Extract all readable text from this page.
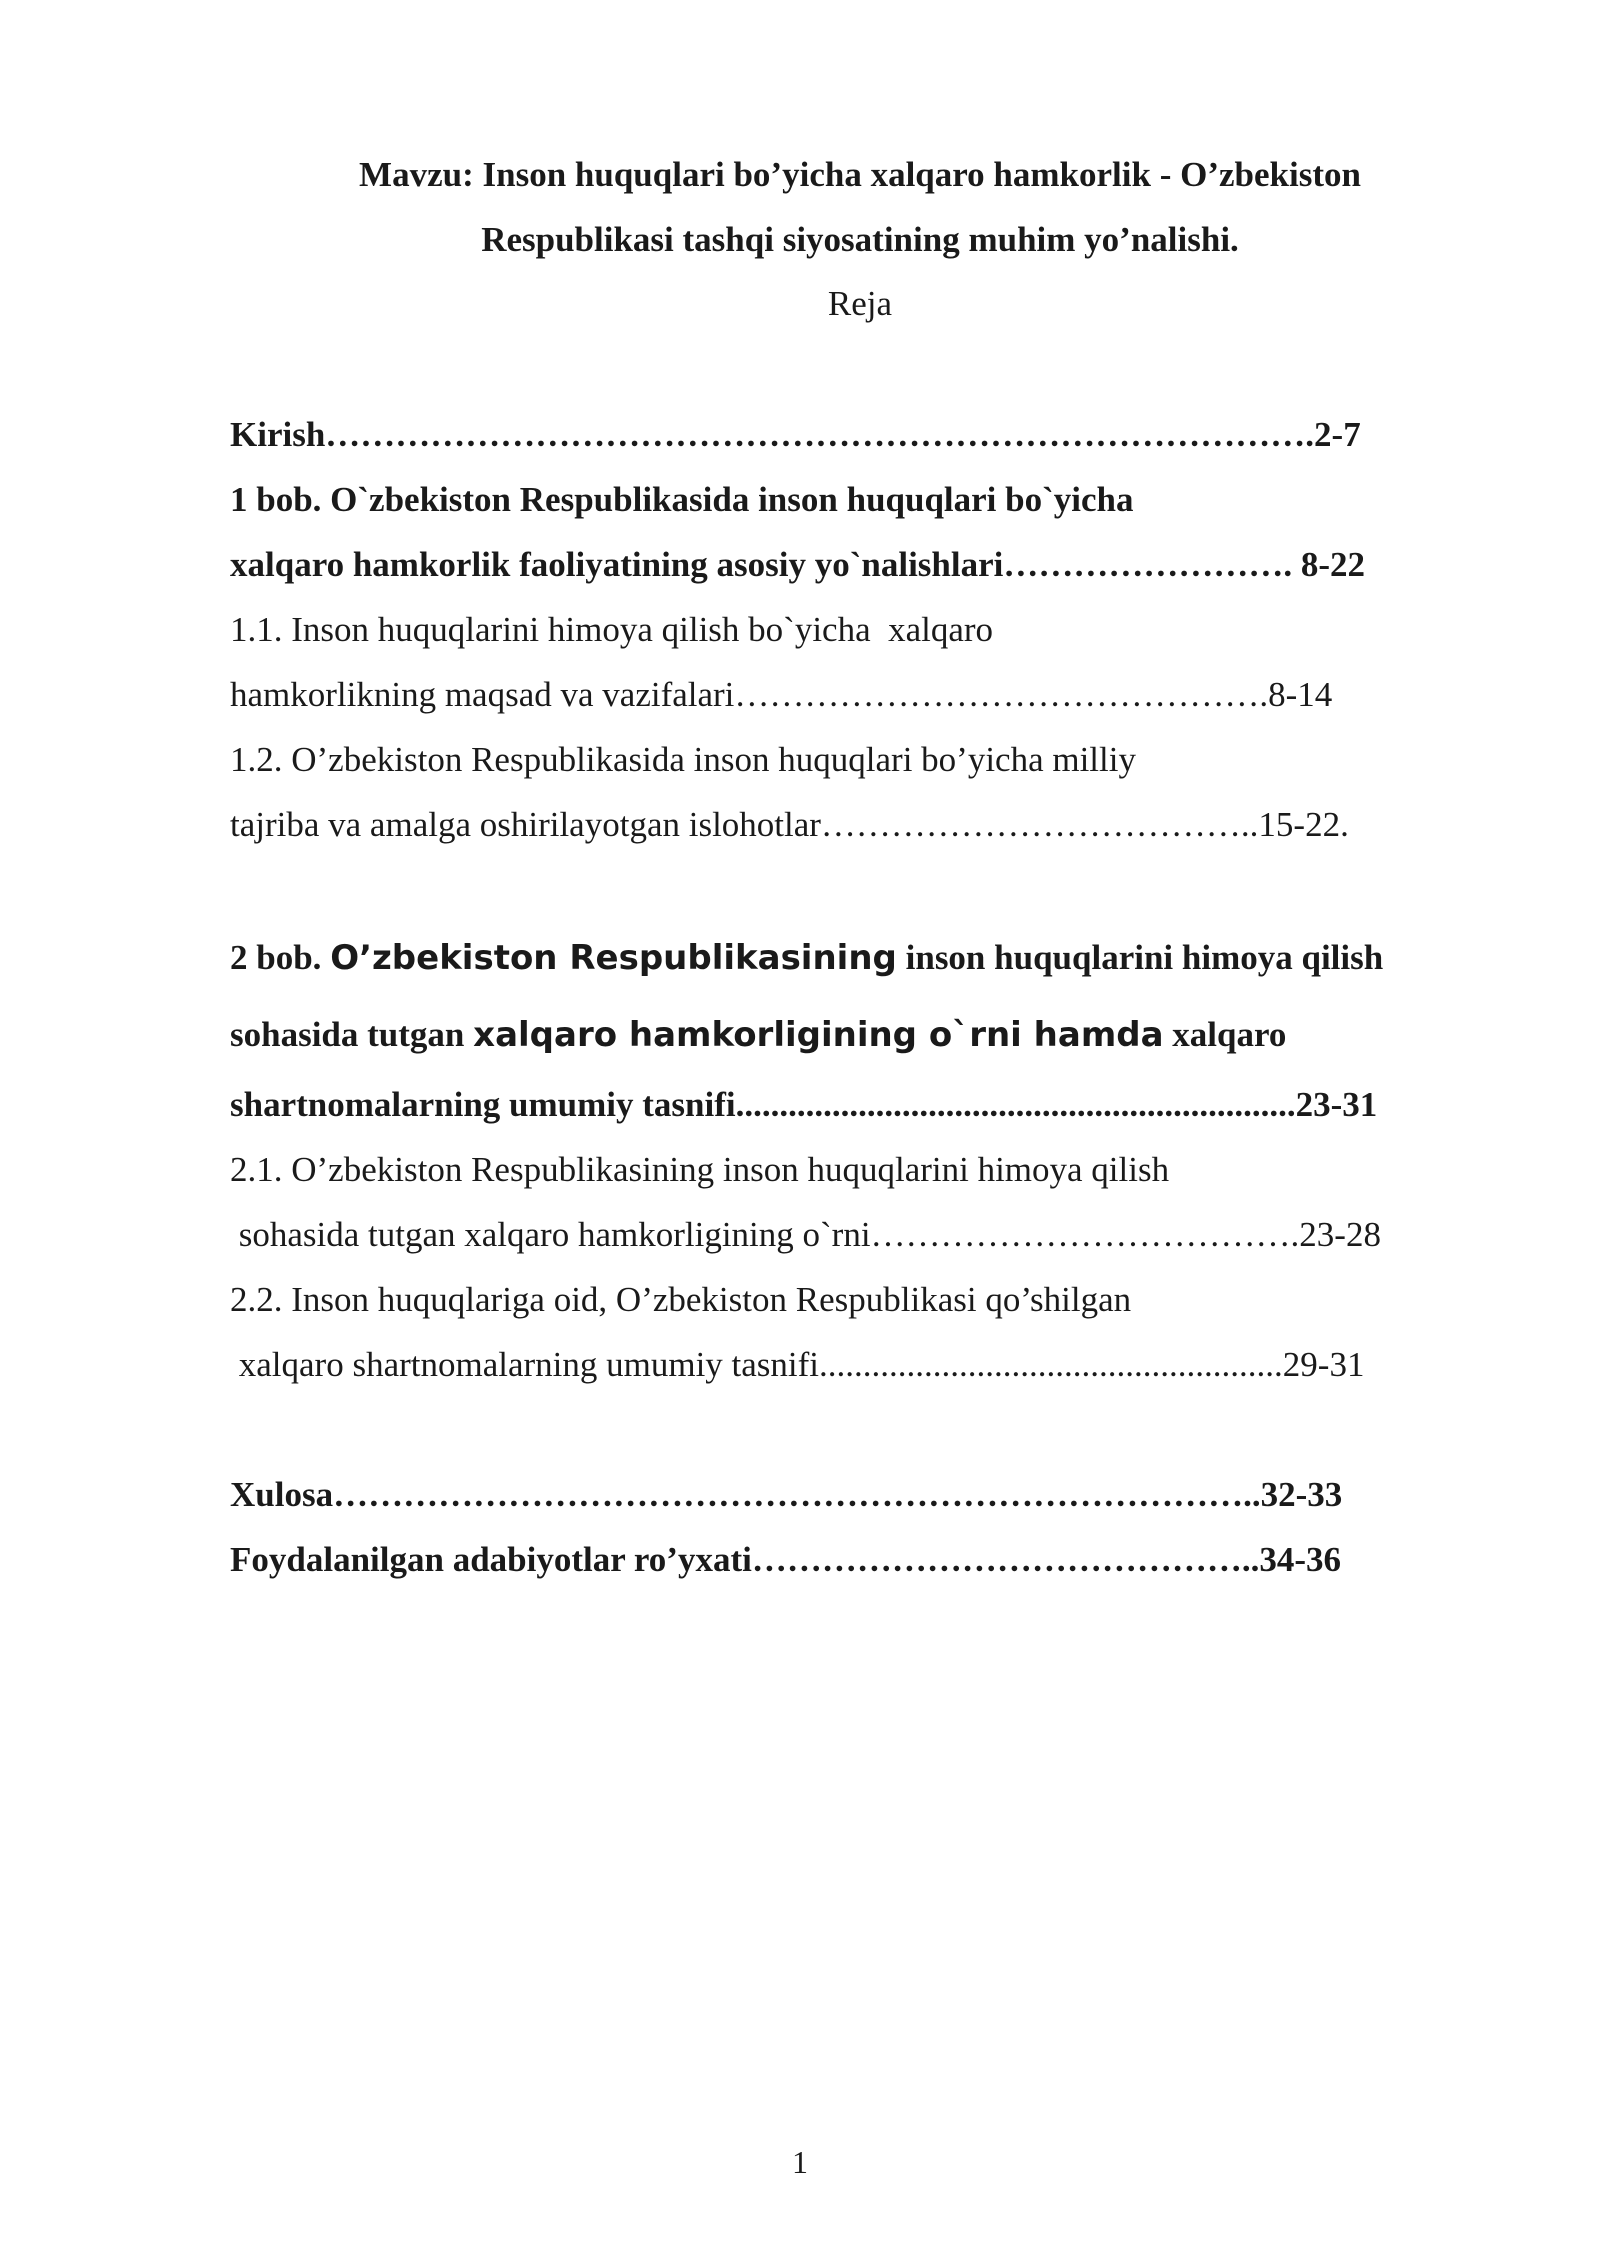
Mavzu: Inson huquqlari bo’yicha xalqaro hamkorlik - O’zbekiston

Respublikasi tashqi siyosatining muhim yo’nalishi.

Reja
Kirish………………………………………………………………………….2-7
1 bob. O`zbekiston Respublikasida inson huquqlari bo`yicha
xalqaro hamkorlik faoliyatining asosiy yo`nalishlari……………………. 8-22
1.1. Inson huquqlarini himoya qilish bo`yicha  xalqaro
hamkorlikning maqsad va vazifalari……………………………………….8-14
1.2. O’zbekiston Respublikasida inson huquqlari bo’yicha milliy
tajriba va amalga oshirilayotgan islohotlar………………………………..15-22.
2 bob. O’zbekiston Respublikasining inson huquqlarini himoya qilish
sohasida tutgan xalqaro hamkorligining o`rni hamda xalqaro
shartnomalarning umumiy tasnifi................................................................23-31
2.1. O’zbekiston Respublikasining inson huquqlarini himoya qilish
sohasida tutgan xalqaro hamkorligining o`rni……………………………….23-28
2.2. Inson huquqlariga oid, O’zbekiston Respublikasi qo’shilgan
xalqaro shartnomalarning umumiy tasnifi.....................................................29-31
Xulosa……………………………………………………………………..32-33
Foydalanilgan adabiyotlar ro’yxati……………………………………..34-36
1
